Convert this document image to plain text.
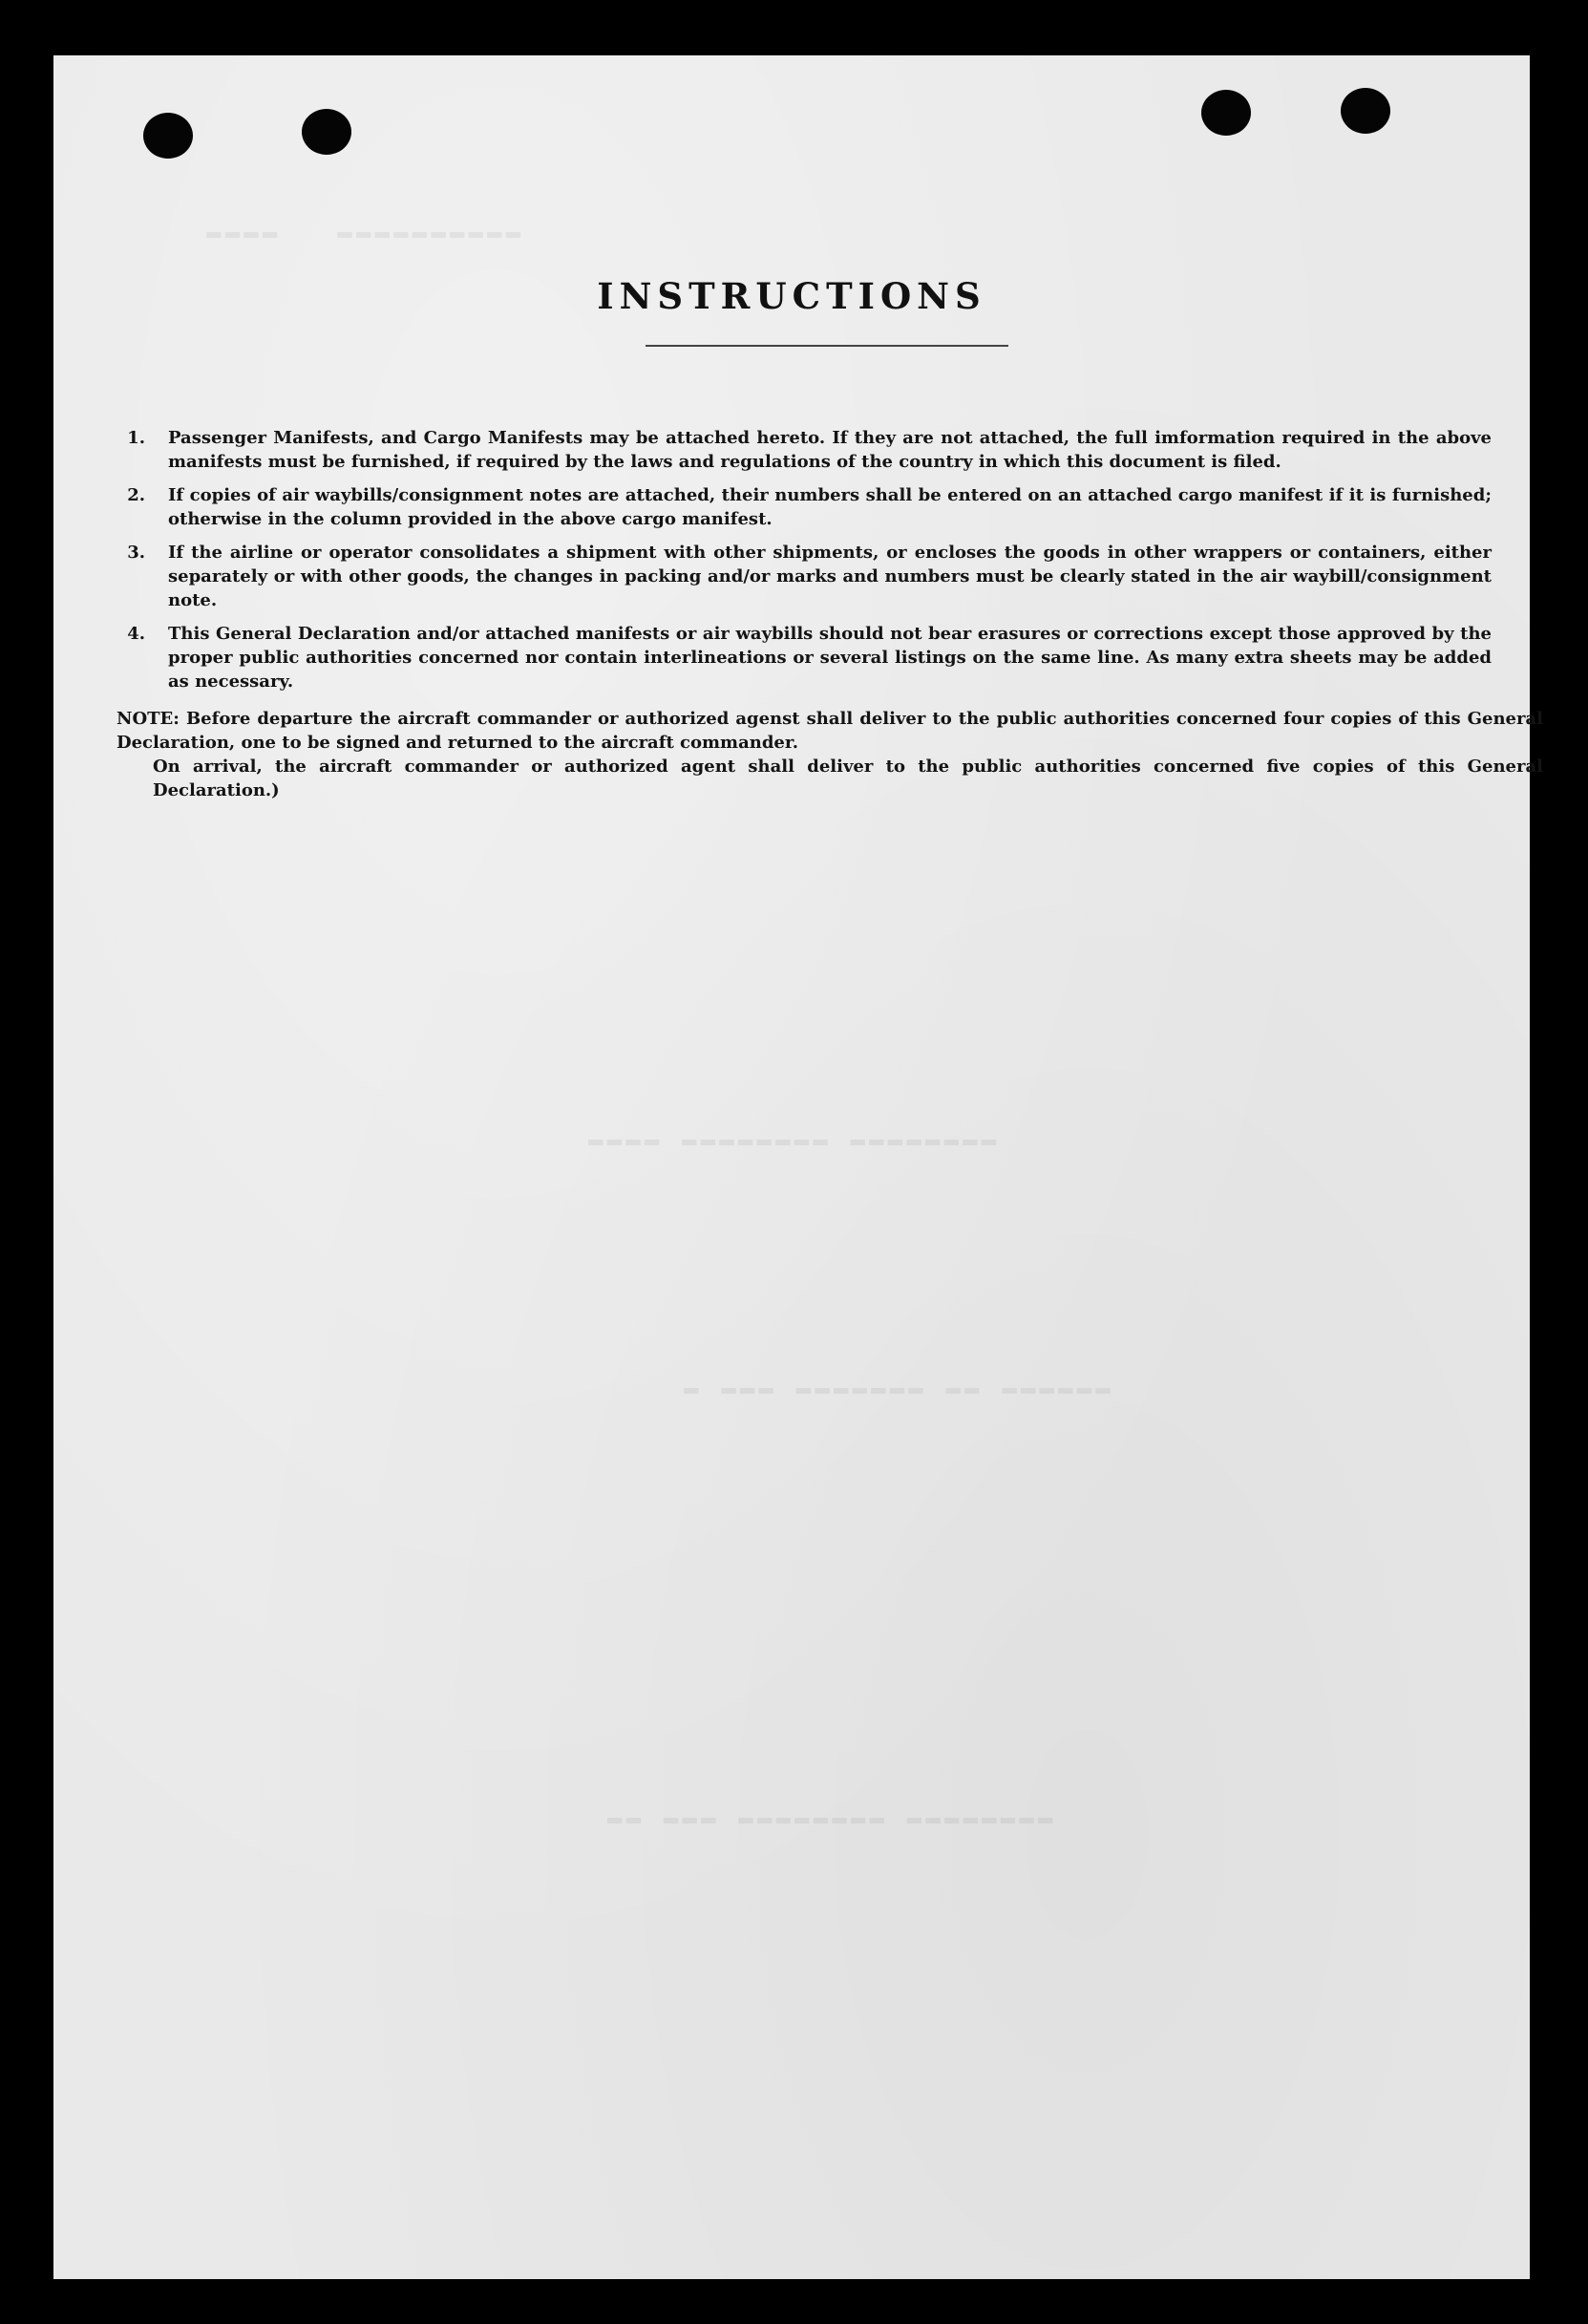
▬▬▬▬   ▬▬▬▬▬▬▬▬▬▬
▬▬▬▬ ▬▬▬▬▬▬▬▬ ▬▬▬▬▬▬▬▬
▬ ▬▬▬ ▬▬▬▬▬▬▬ ▬▬ ▬▬▬▬▬▬
▬▬ ▬▬▬ ▬▬▬▬▬▬▬▬ ▬▬▬▬▬▬▬▬
INSTRUCTIONS
1. Passenger Manifests, and Cargo Manifests may be attached hereto. If they are not attached, the full imformation required in the above manifests must be furnished, if required by the laws and regulations of the country in which this document is filed.
2. If copies of air waybills/consignment notes are attached, their numbers shall be entered on an attached cargo manifest if it is furnished; otherwise in the column provided in the above cargo manifest.
3. If the airline or operator consolidates a shipment with other shipments, or encloses the goods in other wrappers or containers, either separately or with other goods, the changes in packing and/or marks and numbers must be clearly stated in the air waybill/consignment note.
4. This General Declaration and/or attached manifests or air waybills should not bear erasures or corrections except those approved by the proper public authorities concerned nor contain interlineations or several listings on the same line. As many extra sheets may be added as necessary.

NOTE: Before departure the aircraft commander or authorized agenst shall deliver to the public authorities concerned four copies of this General Declaration, one to be signed and returned to the aircraft commander.

On arrival, the aircraft commander or authorized agent shall deliver to the public authorities concerned five copies of this General Declaration.)
